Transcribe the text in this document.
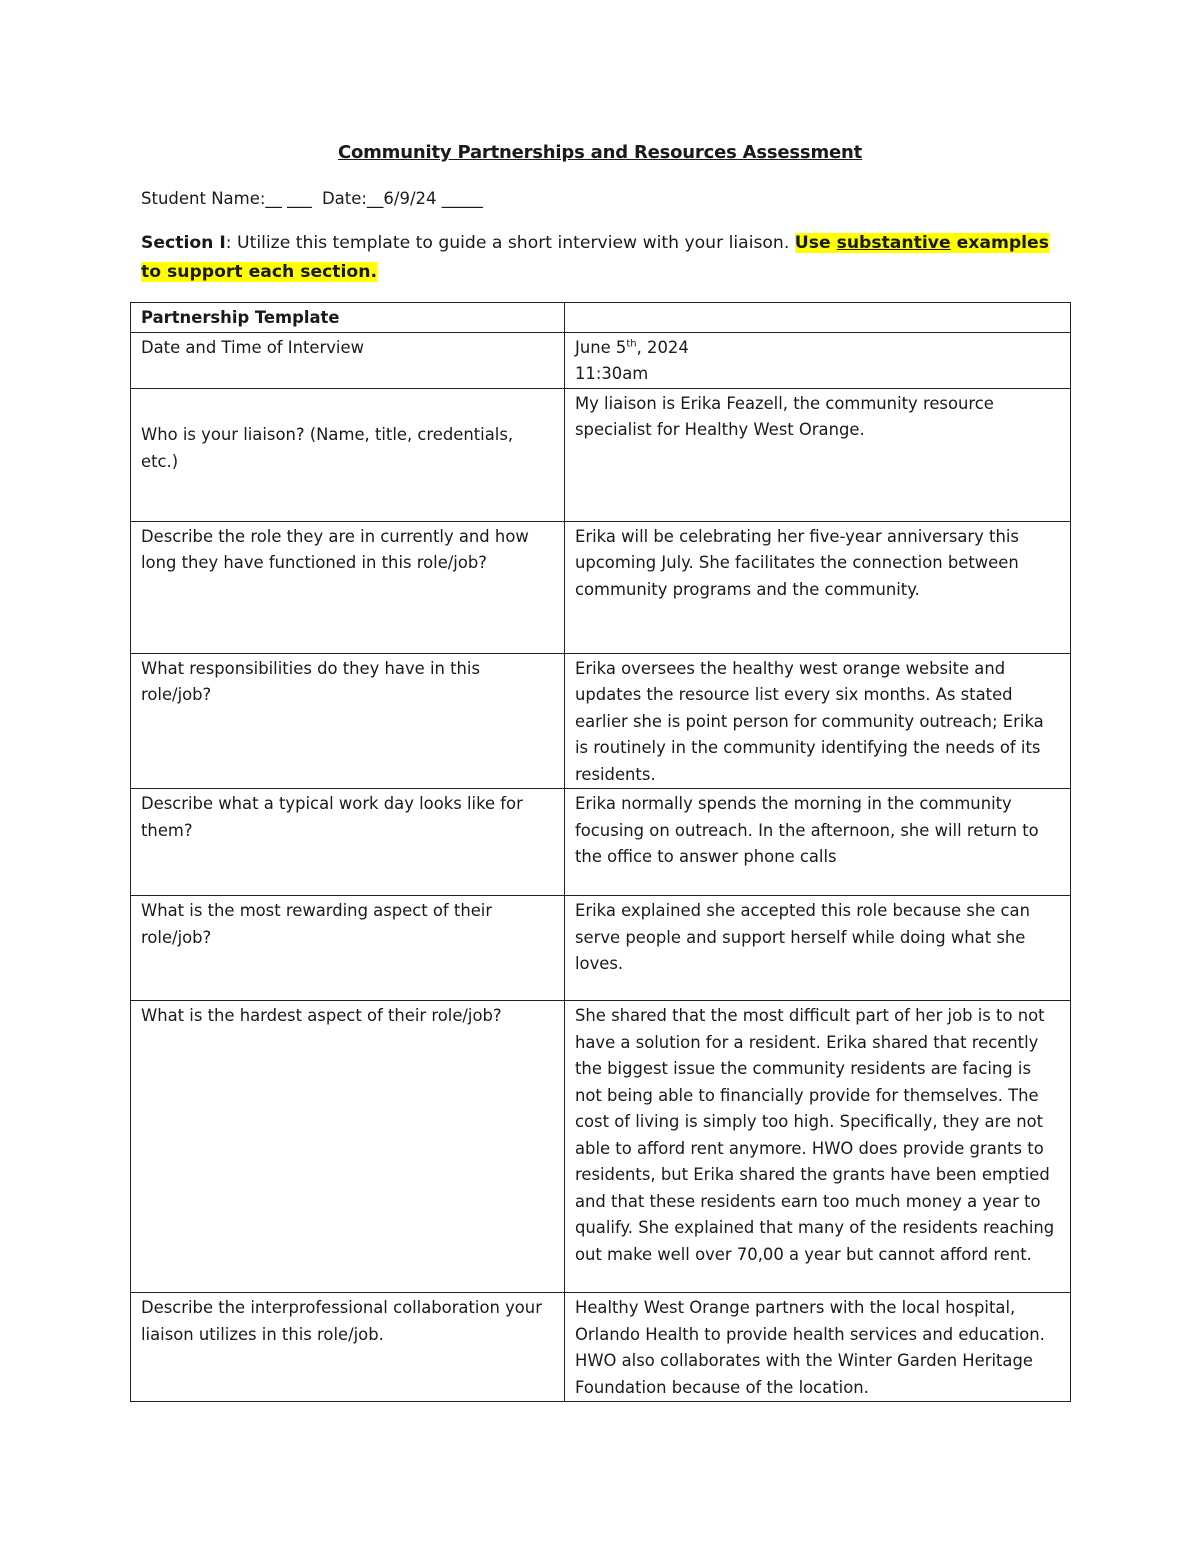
Community Partnerships and Resources Assessment
Student Name:__ ___ Date:__6/9/24 _____
Section I: Utilize this template to guide a short interview with your liaison. Use substantive examples to support each section.
Partnership Template	
Date and Time of Interview	June 5th, 2024
11:30am
Who is your liaison? (Name, title, credentials, etc.)	My liaison is Erika Feazell, the community resource specialist for Healthy West Orange.
Describe the role they are in currently and how long they have functioned in this role/job?	Erika will be celebrating her five-year anniversary this upcoming July. She facilitates the connection between community programs and the community.
What responsibilities do they have in this role/job?	Erika oversees the healthy west orange website and updates the resource list every six months. As stated earlier she is point person for community outreach; Erika is routinely in the community identifying the needs of its residents.
Describe what a typical work day looks like for them?	Erika normally spends the morning in the community focusing on outreach. In the afternoon, she will return to the office to answer phone calls
What is the most rewarding aspect of their role/job?	Erika explained she accepted this role because she can serve people and support herself while doing what she loves.
What is the hardest aspect of their role/job?	She shared that the most difficult part of her job is to not have a solution for a resident. Erika shared that recently the biggest issue the community residents are facing is not being able to financially provide for themselves. The cost of living is simply too high. Specifically, they are not able to afford rent anymore. HWO does provide grants to residents, but Erika shared the grants have been emptied and that these residents earn too much money a year to qualify. She explained that many of the residents reaching out make well over 70,00 a year but cannot afford rent.
Describe the interprofessional collaboration your liaison utilizes in this role/job.	Healthy West Orange partners with the local hospital, Orlando Health to provide health services and education. HWO also collaborates with the Winter Garden Heritage Foundation because of the location.
